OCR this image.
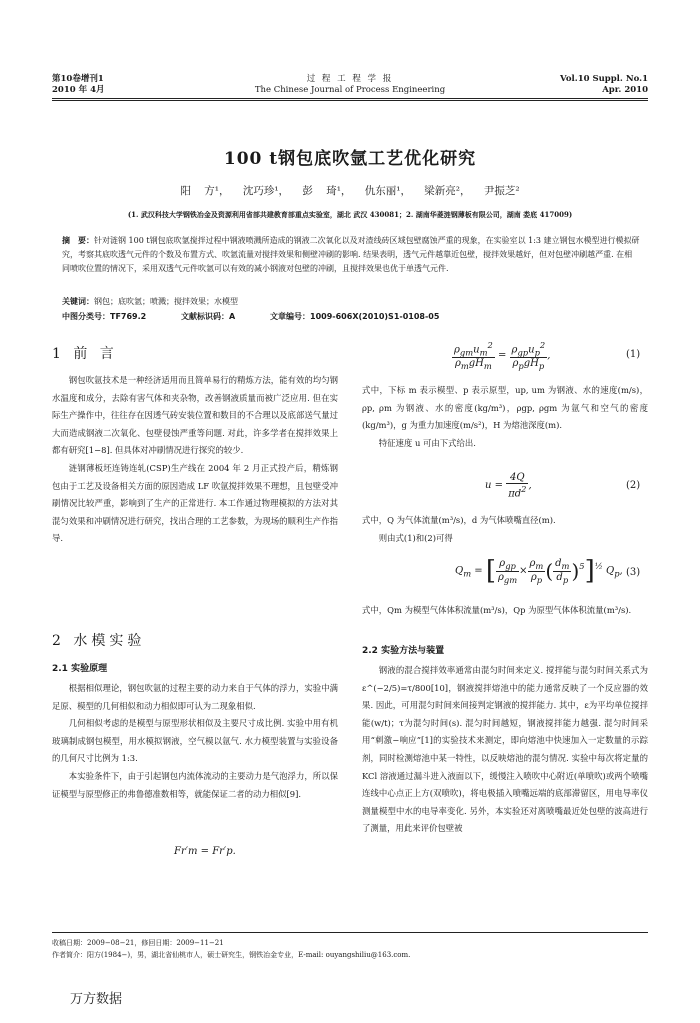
第10卷增刊1
2010 年 4月
过 程 工 程 学 报
The Chinese Journal of Process Engineering
Vol.10 Suppl. No.1
Apr. 2010
100 t钢包底吹氩工艺优化研究
阳 方¹， 沈巧珍¹， 彭 琦¹， 仇东丽¹， 梁新亮²， 尹振芝²
(1. 武汉科技大学钢铁冶金及资源利用省部共建教育部重点实验室，湖北 武汉 430081；2. 湖南华菱涟钢薄板有限公司，湖南 娄底 417009)
摘　要：针对涟钢 100 t钢包底吹氩搅拌过程中钢液喷溅所造成的钢液二次氧化以及对渣线砖区域包壁腐蚀严重的现象，在实验室以 1:3 建立钢包水模型进行模拟研究，考察其底吹透气元件的个数及布置方式、吹氩流量对搅拌效果和侧壁冲刷的影响. 结果表明，透气元件越靠近包壁，搅拌效果越好，但对包壁冲刷越严重. 在相同喷吹位置的情况下，采用双透气元件吹氩可以有效的减小钢液对包壁的冲刷，且搅拌效果也优于单透气元件.
关键词：钢包；底吹氩；喷溅；搅拌效果；水模型
中图分类号：TF769.2	文献标识码：A	文章编号：1009-606X(2010)S1-0108-05
1 前 言

钢包吹氩技术是一种经济适用而且简单易行的精炼方法，能有效的均匀钢水温度和成分，去除有害气体和夹杂物，改善钢液质量而被广泛应用. 但在实际生产操作中，往往存在因透气砖安装位置和数目的不合理以及底部送气量过大而造成钢液二次氧化、包壁侵蚀严重等问题. 对此，许多学者在搅拌效果上都有研究[1−8]. 但具体对冲刷情况进行探究的较少.

涟钢薄板坯连铸连轧(CSP)生产线在 2004 年 2 月正式投产后，精炼钢包由于工艺及设备相关方面的原因造成 LF 吹氩搅拌效果不理想，且包壁受冲刷情况比较严重，影响到了生产的正常进行. 本工作通过物理模拟的方法对其混匀效果和冲刷情况进行研究，找出合理的工艺参数，为现场的顺利生产作指导.

2 水模实验
2.1 实验原理

根据相似理论，钢包吹氩的过程主要的动力来自于气体的浮力，实验中满足原、模型的几何相似和动力相似即可认为二现象相似.

几何相似考虑的是模型与原型形状相似及主要尺寸成比例. 实验中用有机玻璃制成钢包模型，用水模拟钢液，空气模以氩气. 水力模型装置与实验设备的几何尺寸比例为 1:3.

本实验条件下，由于引起钢包内流体流动的主要动力是气泡浮力，所以保证模型与原型修正的弗鲁德准数相等，就能保证二者的动力相似[9].

Fr′m = Fr′p.
$\frac{\rho_{gm}u_m^2}{\rho_mgH_m} = \frac{\rho_{gp}u_p^2}{\rho_pgH_p}$ ,	(1)

式中，下标 m 表示模型、p 表示原型，up, um 为钢液、水的速度(m/s)，ρp, ρm 为钢液、水的密度(kg/m³)，ρgp, ρgm 为氩气和空气的密度(kg/m³)，g 为重力加速度(m/s²)，H 为熔池深度(m).

特征速度 u 可由下式给出.

$u = \frac{4Q}{\pi d^2}$ ,	(2)

式中，Q 为气体流量(m³/s)，d 为气体喷嘴直径(m).

则由式(1)和(2)可得

$Q_m$ = [ $\frac{\rho_{gp}}{\rho_{gm}} \times \frac{\rho_m}{\rho_p}$ ( $\frac{d_m}{d_p} )^5]^{\frac{1}{2}}$ $Q_p$, (3)

式中，Qm 为模型气体体积流量(m³/s)，Qp 为原型气体体积流量(m³/s).

2.2 实验方法与装置

钢液的混合搅拌效率通常由混匀时间来定义. 搅拌能与混匀时间关系式为 ε^(−2/5)=τ/800[10]，钢液搅拌熔池中的能力通常反映了一个反应器的效果. 因此，可用混匀时间来间接判定钢液的搅拌能力. 其中，ε为平均单位搅拌能(w/t)；τ为混匀时间(s). 混匀时间越短，钢液搅拌能力越强. 混匀时间采用“刺激−响应”[1]的实验技术来测定，即向熔池中快速加入一定数量的示踪剂，同时检测熔池中某一特性，以反映熔池的混匀情况. 实验中每次将定量的 KCl 溶液通过漏斗进入液面以下，缓慢注入喷吹中心附近(单喷吹)或两个喷嘴连线中心点正上方(双喷吹)，将电极插入喷嘴远端的底部滞留区，用电导率仪测量模型中水的电导率变化. 另外，本实验还对离喷嘴最近处包壁的波高进行了测量，用此来评价包壁被

收稿日期：2009−08−21，修回日期：2009−11−21
作者简介：阳方(1984−)，男，湖北省仙桃市人，硕士研究生，钢铁冶金专业，E-mail: ouyangshiliu@163.com.
万方数据
